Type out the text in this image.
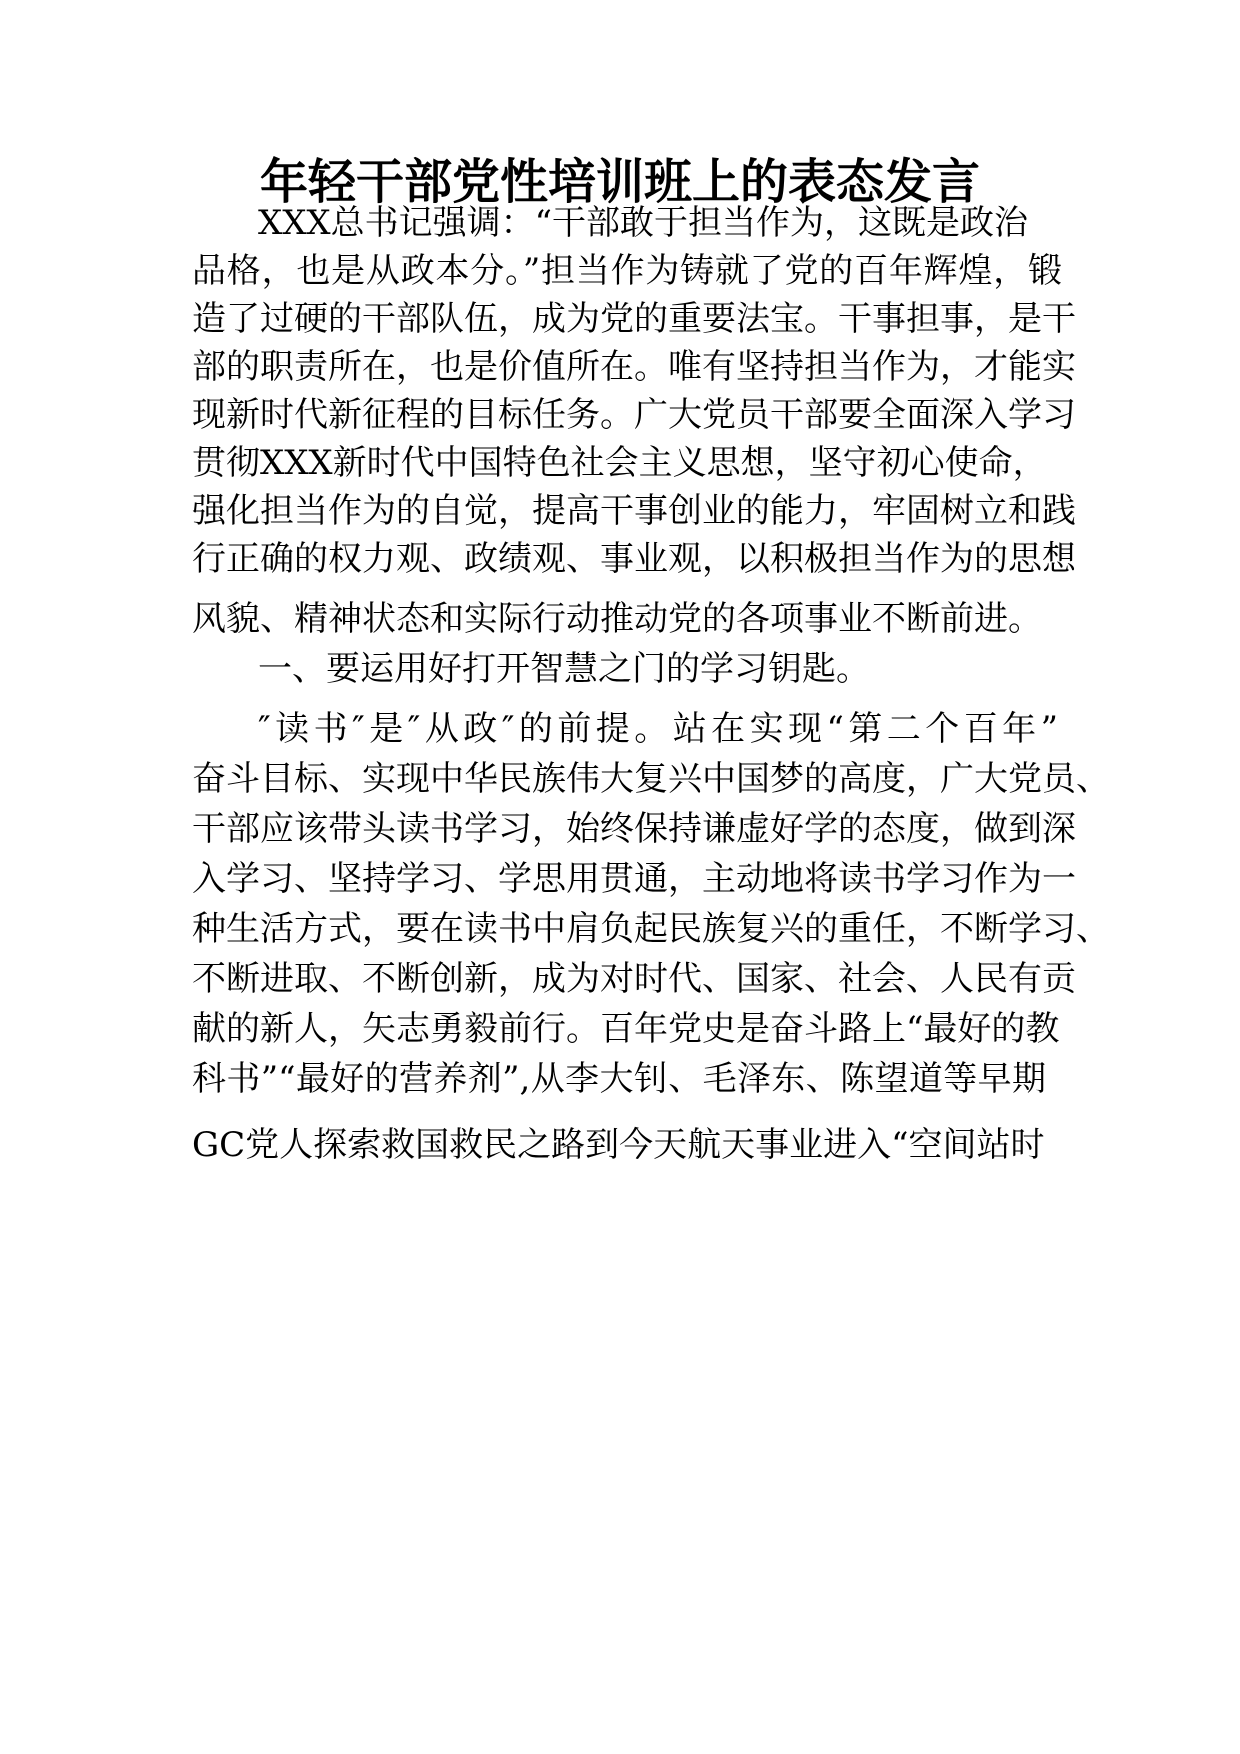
年轻干部党性培训班上的表态发言
XXX总书记强调：“干部敢于担当作为，这既是政治
品格，也是从政本分。”担当作为铸就了党的百年辉煌，锻
造了过硬的干部队伍，成为党的重要法宝。干事担事，是干
部的职责所在，也是价值所在。唯有坚持担当作为，才能实
现新时代新征程的目标任务。广大党员干部要全面深入学习
贯彻XXX新时代中国特色社会主义思想，坚守初心使命，
强化担当作为的自觉，提高干事创业的能力，牢固树立和践
行正确的权力观、政绩观、事业观，以积极担当作为的思想
风貌、精神状态和实际行动推动党的各项事业不断前进。
一、要运用好打开智慧之门的学习钥匙。
″读书″是″从政″的前提。站在实现“第二个百年”
奋斗目标、实现中华民族伟大复兴中国梦的高度，广大党员、
干部应该带头读书学习，始终保持谦虚好学的态度，做到深
入学习、坚持学习、学思用贯通，主动地将读书学习作为一
种生活方式，要在读书中肩负起民族复兴的重任，不断学习、
不断进取、不断创新，成为对时代、国家、社会、人民有贡
献的新人，矢志勇毅前行。百年党史是奋斗路上“最好的教
科书”“最好的营养剂”,从李大钊、毛泽东、陈望道等早期
GC党人探索救国救民之路到今天航天事业进入“空间站时
